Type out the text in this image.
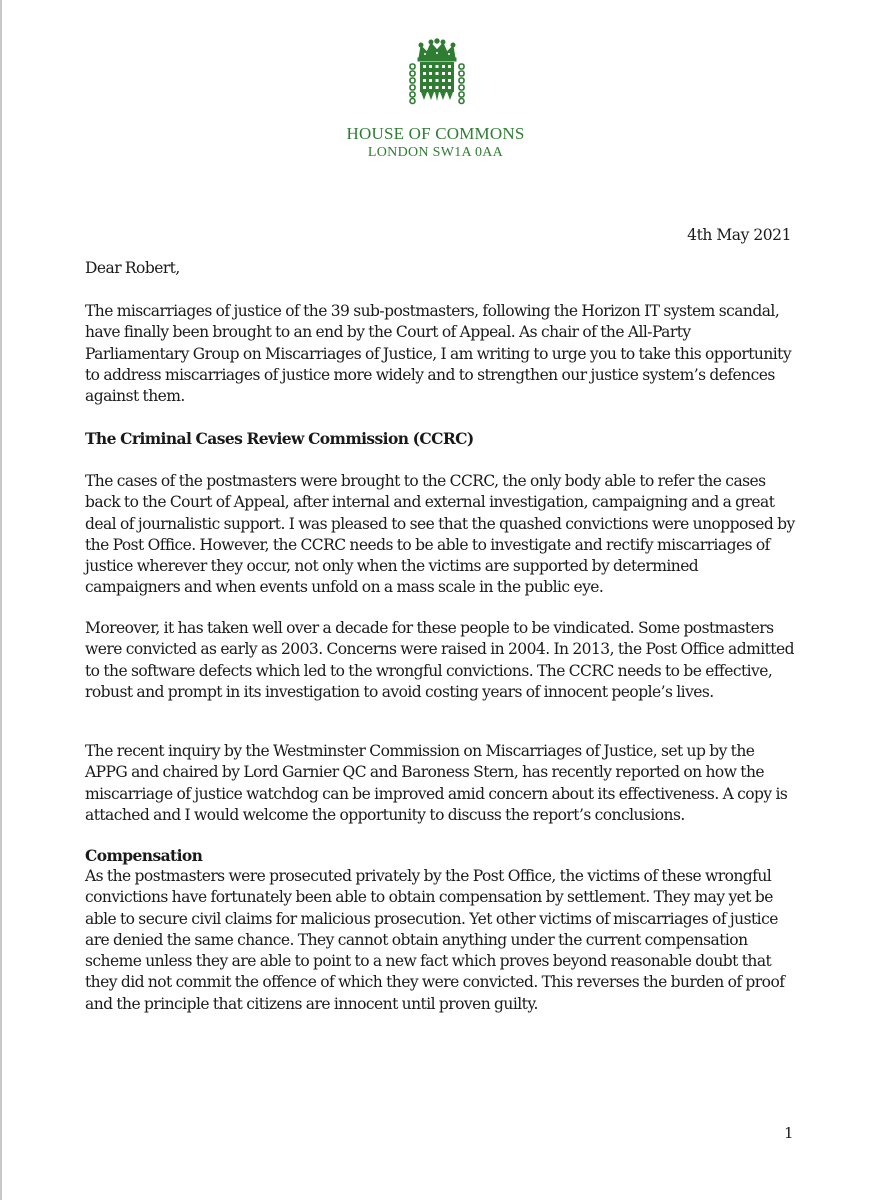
HOUSE OF COMMONS
LONDON SW1A 0AA
4th May 2021
Dear Robert,
The miscarriages of justice of the 39 sub-postmasters, following the Horizon IT system scandal, have finally been brought to an end by the Court of Appeal. As chair of the All-Party Parliamentary Group on Miscarriages of Justice, I am writing to urge you to take this opportunity to address miscarriages of justice more widely and to strengthen our justice system’s defences against them.
The Criminal Cases Review Commission (CCRC)
The cases of the postmasters were brought to the CCRC, the only body able to refer the cases back to the Court of Appeal, after internal and external investigation, campaigning and a great deal of journalistic support. I was pleased to see that the quashed convictions were unopposed by the Post Office. However, the CCRC needs to be able to investigate and rectify miscarriages of justice wherever they occur, not only when the victims are supported by determined campaigners and when events unfold on a mass scale in the public eye.
Moreover, it has taken well over a decade for these people to be vindicated. Some postmasters were convicted as early as 2003. Concerns were raised in 2004. In 2013, the Post Office admitted to the software defects which led to the wrongful convictions. The CCRC needs to be effective, robust and prompt in its investigation to avoid costing years of innocent people’s lives.
The recent inquiry by the Westminster Commission on Miscarriages of Justice, set up by the APPG and chaired by Lord Garnier QC and Baroness Stern, has recently reported on how the miscarriage of justice watchdog can be improved amid concern about its effectiveness. A copy is attached and I would welcome the opportunity to discuss the report’s conclusions.
Compensation
As the postmasters were prosecuted privately by the Post Office, the victims of these wrongful convictions have fortunately been able to obtain compensation by settlement. They may yet be able to secure civil claims for malicious prosecution. Yet other victims of miscarriages of justice are denied the same chance. They cannot obtain anything under the current compensation scheme unless they are able to point to a new fact which proves beyond reasonable doubt that they did not commit the offence of which they were convicted. This reverses the burden of proof and the principle that citizens are innocent until proven guilty.
1
